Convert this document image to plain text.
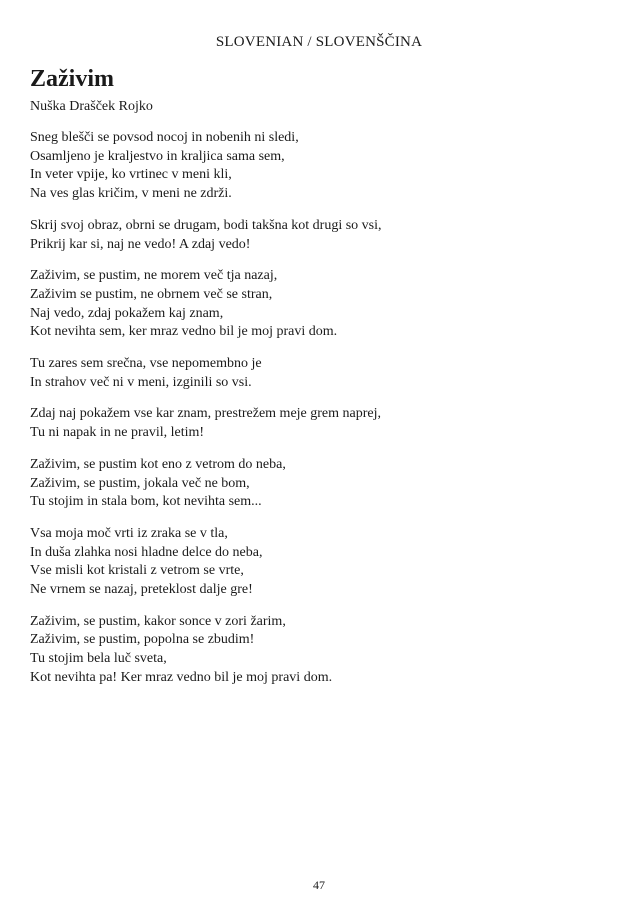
SLOVENIAN / SLOVENŠČINA
Zaživim
Nuška Drašček Rojko
Sneg blešči se povsod nocoj in nobenih ni sledi,
Osamljeno je kraljestvo in kraljica sama sem,
In veter vpije, ko vrtinec v meni kli,
Na ves glas kričim, v meni ne zdrži.
Skrij svoj obraz, obrni se drugam, bodi takšna kot drugi so vsi,
Prikrij kar si, naj ne vedo! A zdaj vedo!
Zaživim, se pustim, ne morem več tja nazaj,
Zaživim se pustim, ne obrnem več se stran,
Naj vedo, zdaj pokažem kaj znam,
Kot nevihta sem, ker mraz vedno bil je moj pravi dom.
Tu zares sem srečna, vse nepomembno je
In strahov več ni v meni, izginili so vsi.
Zdaj naj pokažem vse kar znam, prestrežem meje grem naprej,
Tu ni napak in ne pravil, letim!
Zaživim, se pustim kot eno z vetrom do neba,
Zaživim, se pustim, jokala več ne bom,
Tu stojim in stala bom, kot nevihta sem...
Vsa moja moč vrti iz zraka se v tla,
In duša zlahka nosi hladne delce do neba,
Vse misli kot kristali z vetrom se vrte,
Ne vrnem se nazaj, preteklost dalje gre!
Zaživim, se pustim, kakor sonce v zori žarim,
Zaživim, se pustim, popolna se zbudim!
Tu stojim bela luč sveta,
Kot nevihta pa! Ker mraz vedno bil je moj pravi dom.
47
